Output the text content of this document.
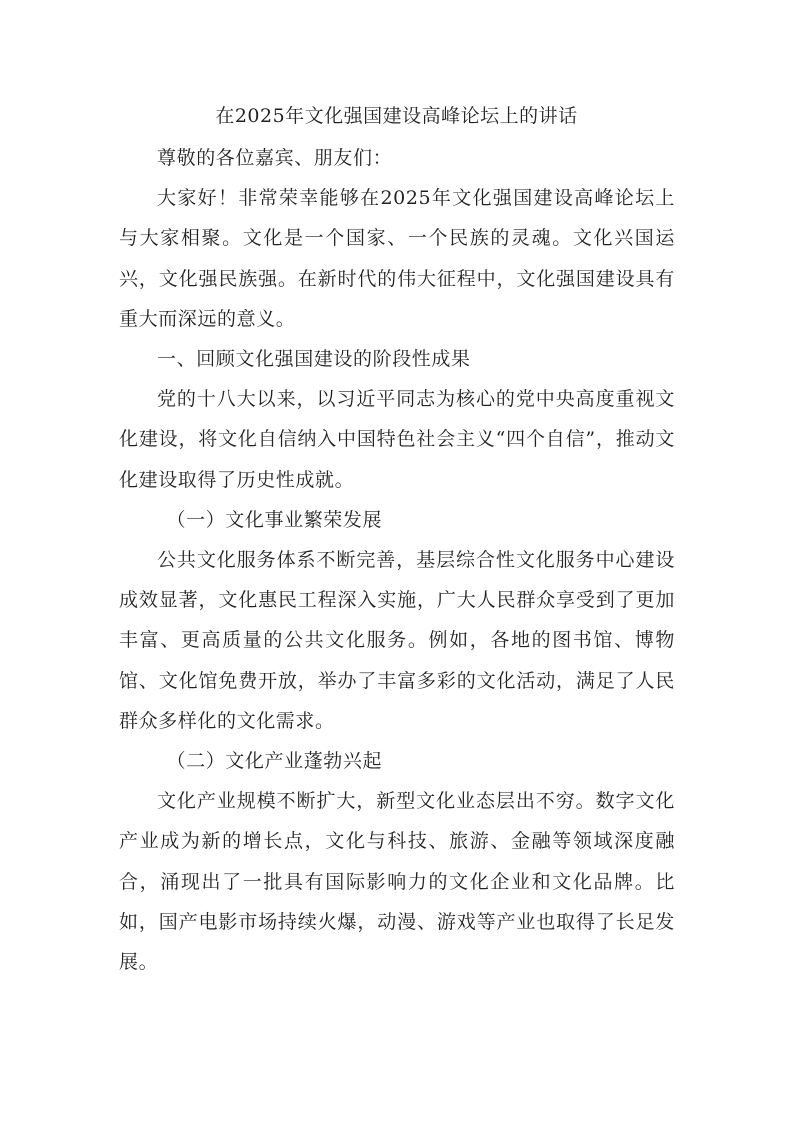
在2025年文化强国建设高峰论坛上的讲话

尊敬的各位嘉宾、朋友们：

大家好！非常荣幸能够在2025年文化强国建设高峰论坛上与大家相聚。文化是一个国家、一个民族的灵魂。文化兴国运兴，文化强民族强。在新时代的伟大征程中，文化强国建设具有重大而深远的意义。

一、回顾文化强国建设的阶段性成果

党的十八大以来，以习近平同志为核心的党中央高度重视文化建设，将文化自信纳入中国特色社会主义“四个自信”，推动文化建设取得了历史性成就。

（一）文化事业繁荣发展

公共文化服务体系不断完善，基层综合性文化服务中心建设成效显著，文化惠民工程深入实施，广大人民群众享受到了更加丰富、更高质量的公共文化服务。例如，各地的图书馆、博物馆、文化馆免费开放，举办了丰富多彩的文化活动，满足了人民群众多样化的文化需求。

（二）文化产业蓬勃兴起

文化产业规模不断扩大，新型文化业态层出不穷。数字文化产业成为新的增长点，文化与科技、旅游、金融等领域深度融合，涌现出了一批具有国际影响力的文化企业和文化品牌。比如，国产电影市场持续火爆，动漫、游戏等产业也取得了长足发展。
